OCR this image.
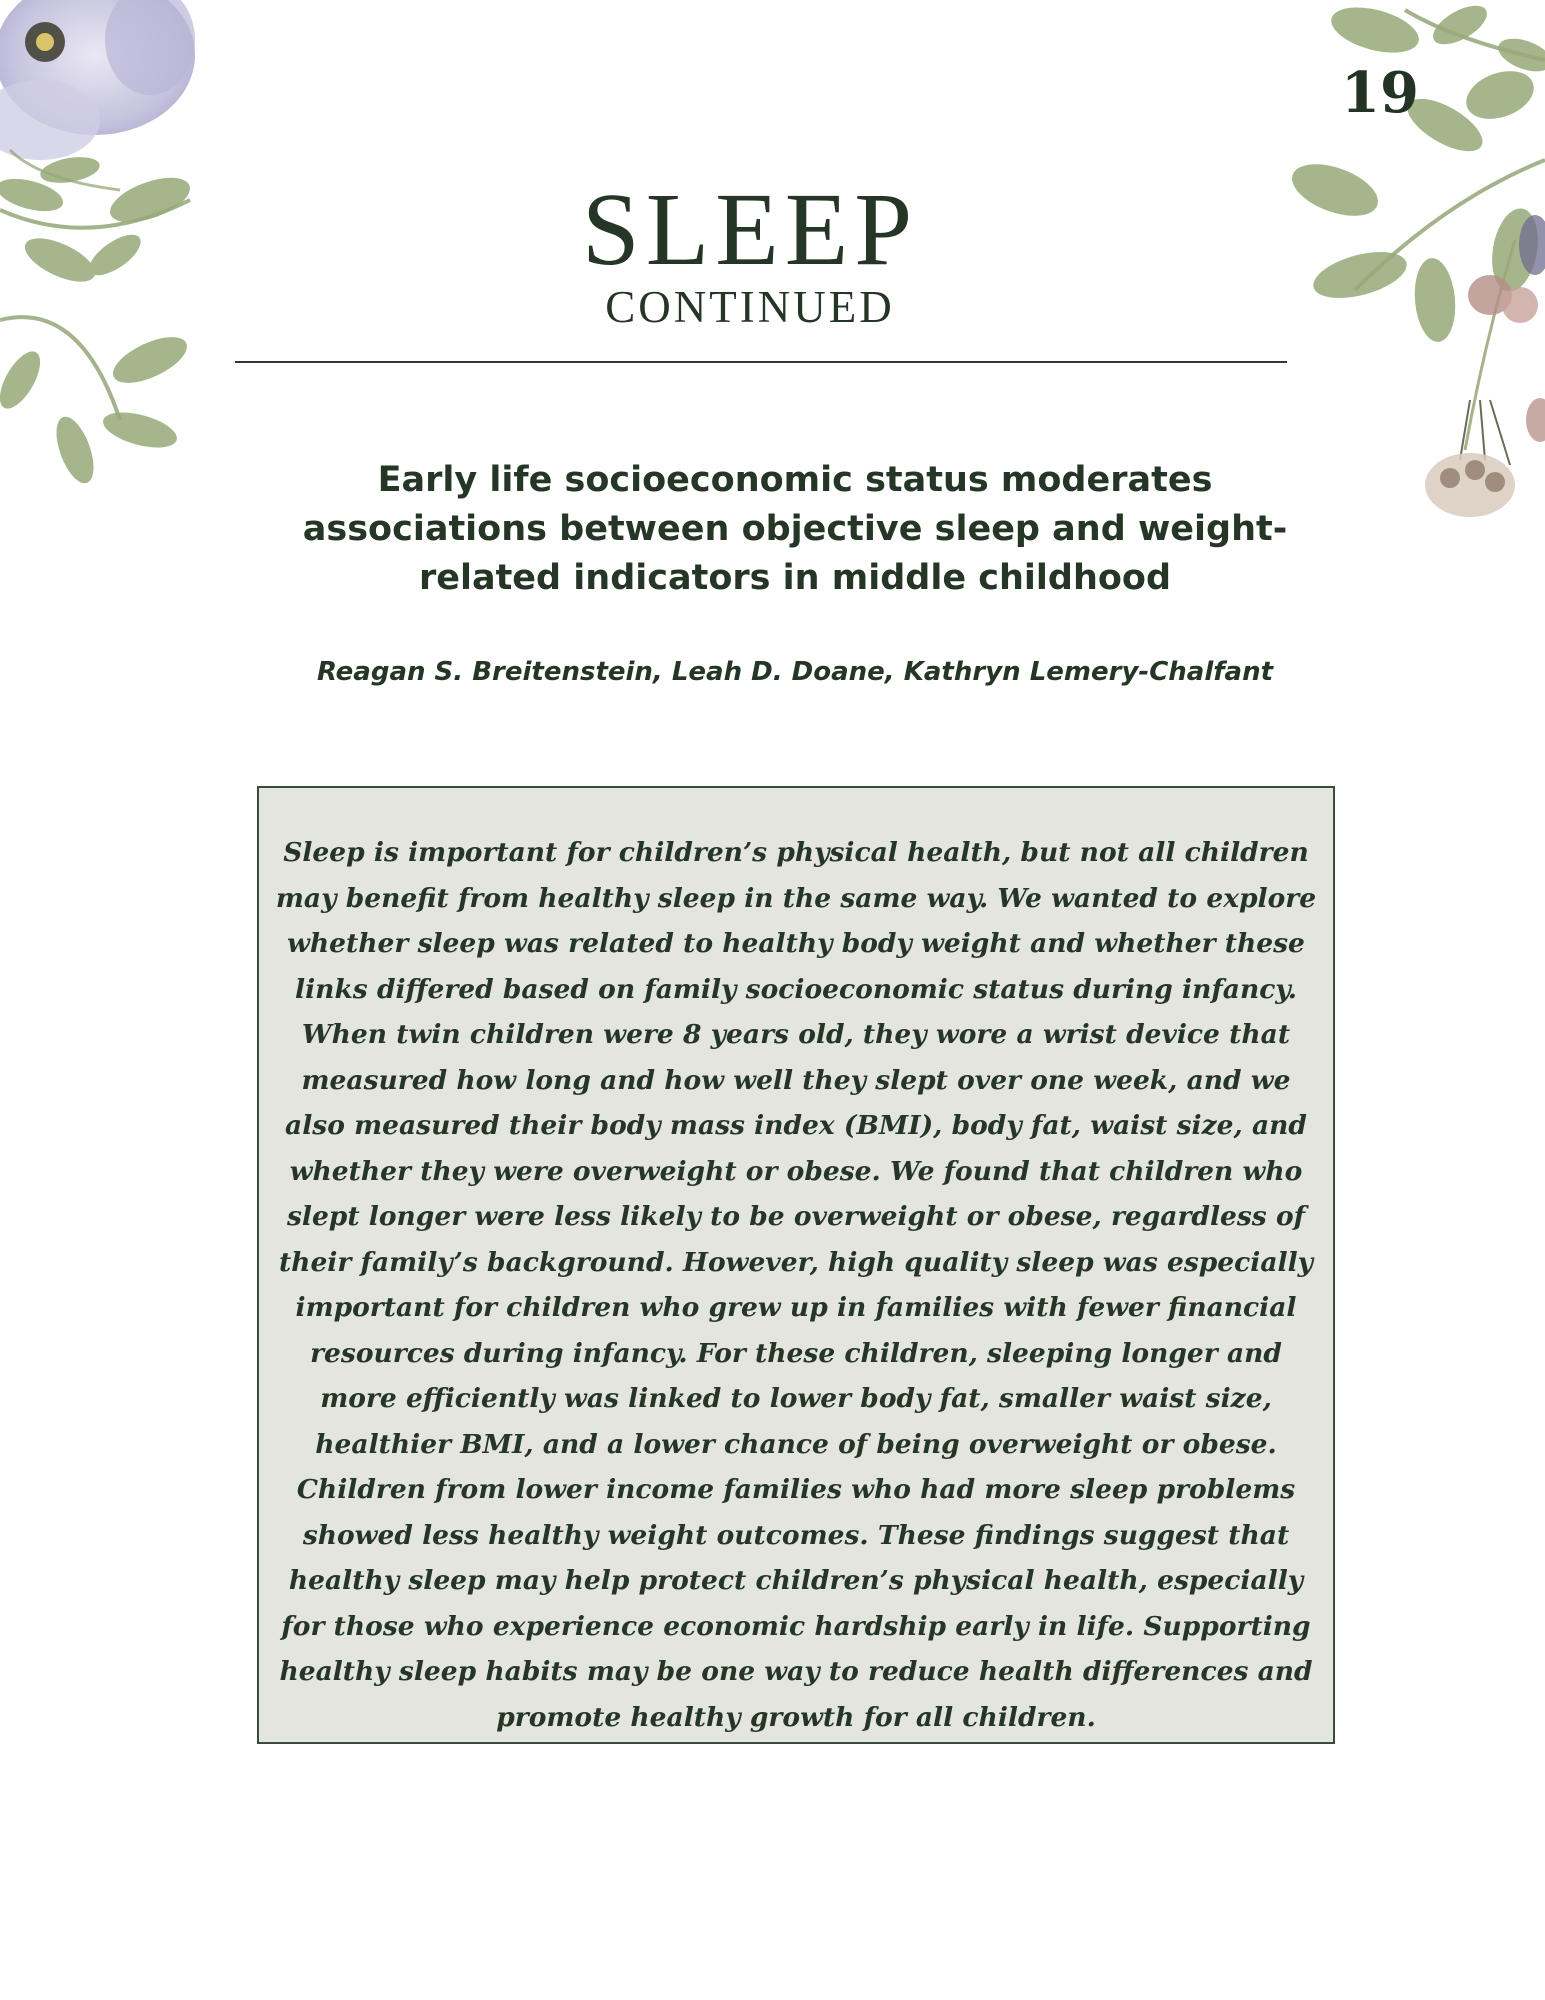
19
SLEEP
CONTINUED
Early life socioeconomic status moderates associations between objective sleep and weight-related indicators in middle childhood
Reagan S. Breitenstein, Leah D. Doane, Kathryn Lemery-Chalfant

Sleep is important for children’s physical health, but not all children may benefit from healthy sleep in the same way. We wanted to explore whether sleep was related to healthy body weight and whether these links differed based on family socioeconomic status during infancy. When twin children were 8 years old, they wore a wrist device that measured how long and how well they slept over one week, and we also measured their body mass index (BMI), body fat, waist size, and whether they were overweight or obese. We found that children who slept longer were less likely to be overweight or obese, regardless of their family’s background. However, high quality sleep was especially important for children who grew up in families with fewer financial resources during infancy. For these children, sleeping longer and more efficiently was linked to lower body fat, smaller waist size, healthier BMI, and a lower chance of being overweight or obese. Children from lower income families who had more sleep problems showed less healthy weight outcomes. These findings suggest that healthy sleep may help protect children’s physical health, especially for those who experience economic hardship early in life. Supporting healthy sleep habits may be one way to reduce health differences and promote healthy growth for all children.
